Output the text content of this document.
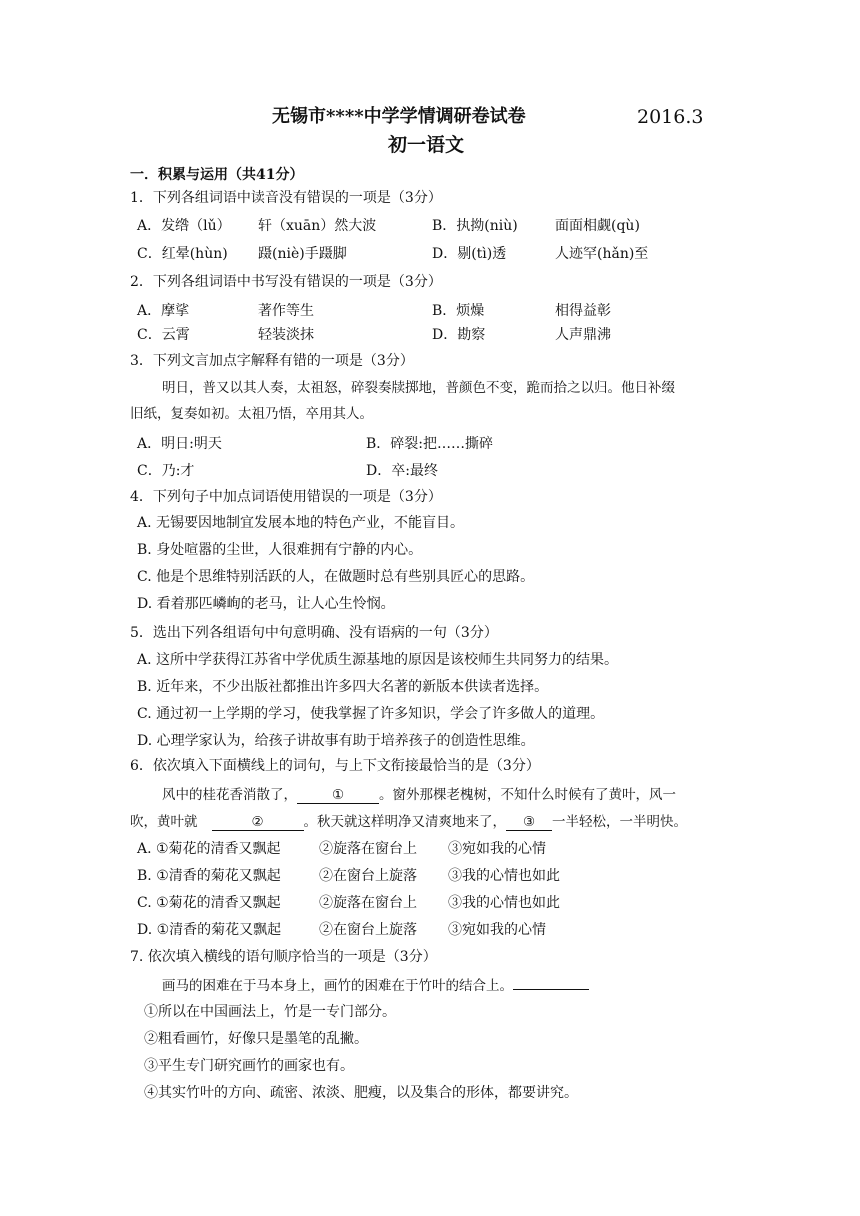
无锡市****中学学情调研卷试卷	2016.3
初一语文
一．积累与运用（共41分）
1．下列各组词语中读音没有错误的一项是（3分）
A．发绺（lǔ） 轩（xuān）然大波	B．执拗(niù)	面面相觑(qù)
C．红晕(hùn) 蹑(niè)手蹑脚	D．剔(tì)透	人迹罕(hǎn)至
2．下列各组词语中书写没有错误的一项是（3分）
A．摩挲	著作等生	B．烦燥	相得益彰
C．云霄	轻装淡抹	D．勘察	人声鼎沸
3．下列文言加点字解释有错的一项是（3分）
明日，普又以其人奏，太祖怒，碎裂奏牍掷地，普颜色不变，跪而拾之以归。他日补缀
旧纸，复奏如初。太祖乃悟，卒用其人。
A．明日:明天	B．碎裂:把……撕碎
C．乃:才	D．卒:最终
4．下列句子中加点词语使用错误的一项是（3分）
A. 无锡要因地制宜发展本地的特色产业，不能盲目。
B. 身处喧嚣的尘世，人很难拥有宁静的内心。
C. 他是个思维特别活跃的人，在做题时总有些别具匠心的思路。
D. 看着那匹嶙峋的老马，让人心生怜悯。
5．选出下列各组语句中句意明确、没有语病的一句（3分）
A. 这所中学获得江苏省中学优质生源基地的原因是该校师生共同努力的结果。
B. 近年来，不少出版社都推出许多四大名著的新版本供读者选择。
C. 通过初一上学期的学习，使我掌握了许多知识，学会了许多做人的道理。
D. 心理学家认为，给孩子讲故事有助于培养孩子的创造性思维。
6．依次填入下面横线上的词句，与上下文衔接最恰当的是（3分）
风中的桂花香消散了，	①	。窗外那棵老槐树，不知什么时候有了黄叶，风一
吹，黄叶就	②	。秋天就这样明净又清爽地来了， ③ 一半轻松，一半明快。
A. ①菊花的清香又飘起	②旋落在窗台上 ③宛如我的心情
B. ①清香的菊花又飘起	②在窗台上旋落 ③我的心情也如此
C. ①菊花的清香又飘起	②旋落在窗台上 ③我的心情也如此
D. ①清香的菊花又飘起	②在窗台上旋落 ③宛如我的心情
7. 依次填入横线的语句顺序恰当的一项是（3分）
画马的困难在于马本身上，画竹的困难在于竹叶的结合上。
①所以在中国画法上，竹是一专门部分。
②粗看画竹，好像只是墨笔的乱撇。
③平生专门研究画竹的画家也有。
④其实竹叶的方向、疏密、浓淡、肥瘦，以及集合的形体，都要讲究。
